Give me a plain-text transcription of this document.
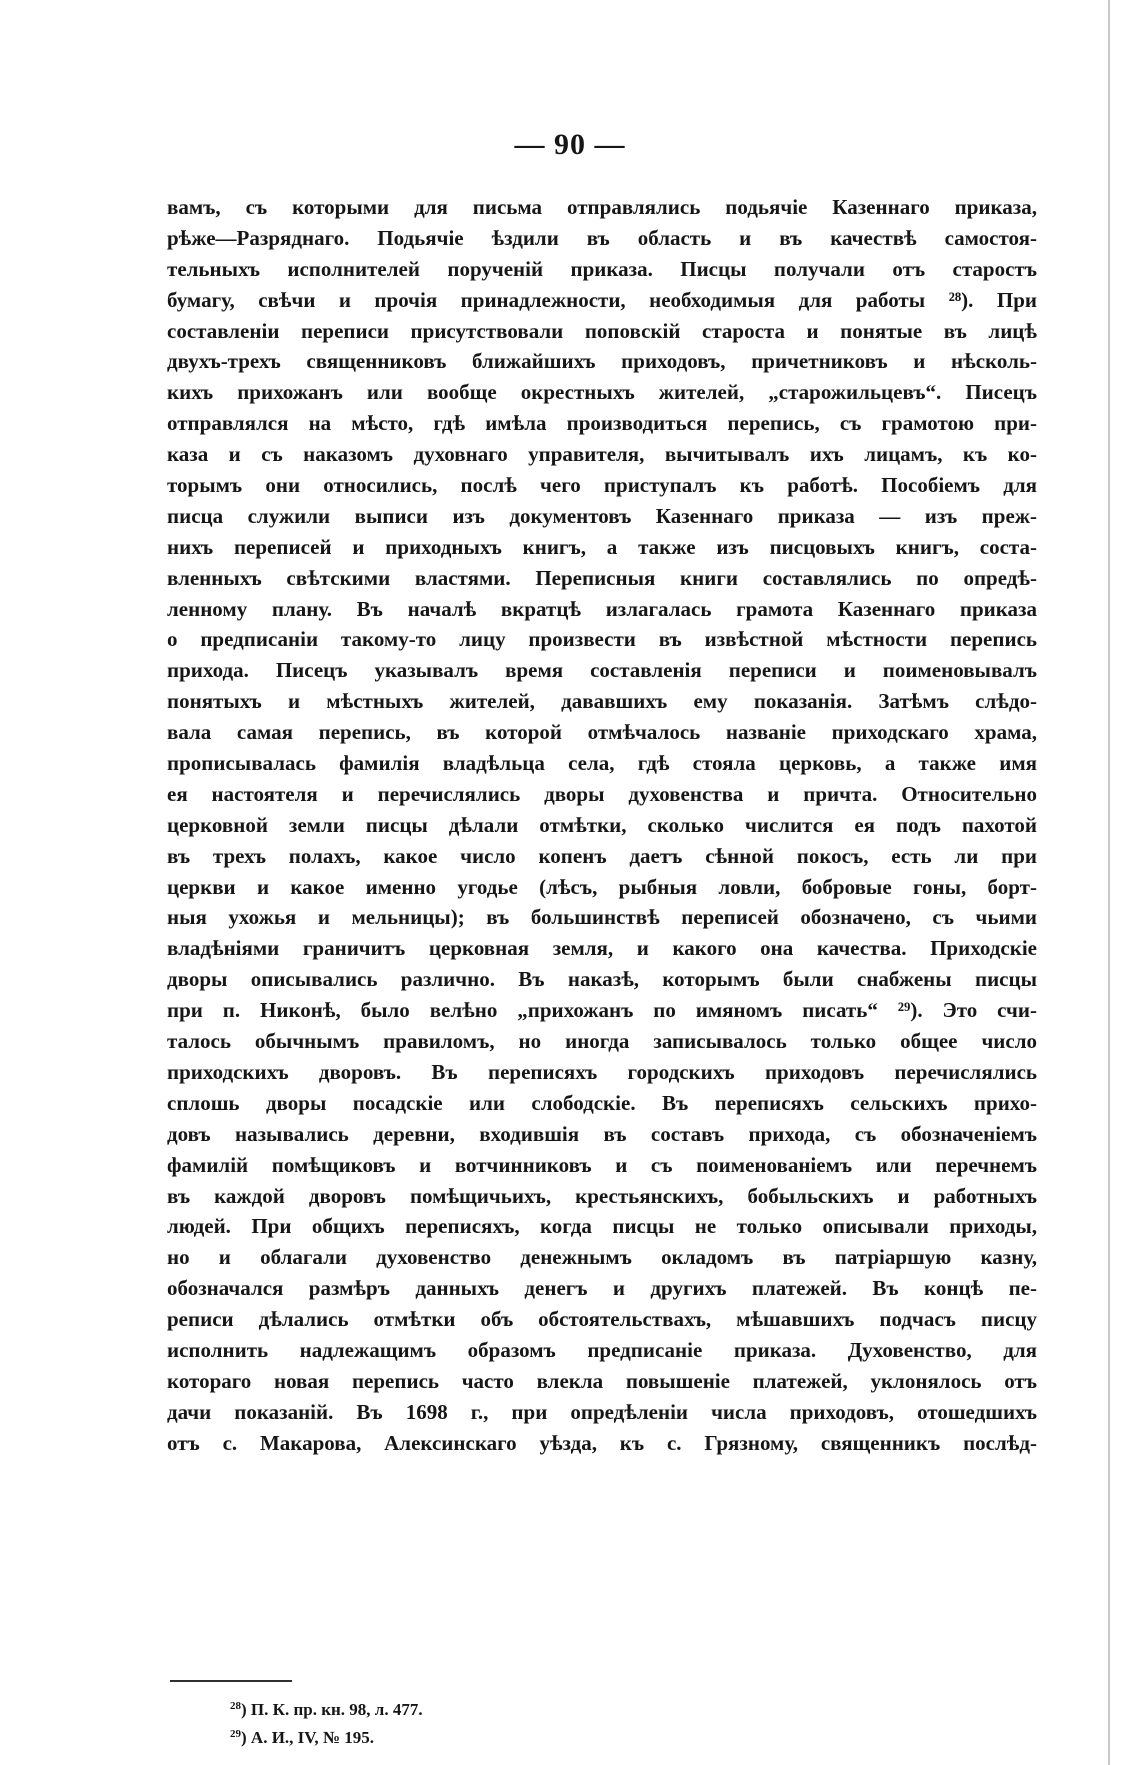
— 90 —
вамъ, съ которыми для письма отправлялись подьячіе Казеннаго приказа,
рѣже—Разряднаго. Подьячіе ѣздили въ область и въ качествѣ самостоя-
тельныхъ исполнителей порученій приказа. Писцы получали отъ старостъ
бумагу, свѣчи и прочія принадлежности, необходимыя для работы ²⁸). При
составленіи переписи присутствовали поповскій староста и понятые въ лицѣ
двухъ-трехъ священниковъ ближайшихъ приходовъ, причетниковъ и нѣсколь-
кихъ прихожанъ или вообще окрестныхъ жителей, „старожильцевъ“. Писецъ
отправлялся на мѣсто, гдѣ имѣла производиться перепись, съ грамотою при-
каза и съ наказомъ духовнаго управителя, вычитывалъ ихъ лицамъ, къ ко-
торымъ они относились, послѣ чего приступалъ къ работѣ. Пособіемъ для
писца служили выписи изъ документовъ Казеннаго приказа — изъ преж-
нихъ переписей и приходныхъ книгъ, а также изъ писцовыхъ книгъ, соста-
вленныхъ свѣтскими властями. Переписныя книги составлялись по опредѣ-
ленному плану. Въ началѣ вкратцѣ излагалась грамота Казеннаго приказа
о предписаніи такому-то лицу произвести въ извѣстной мѣстности перепись
прихода. Писецъ указывалъ время составленія переписи и поименовывалъ
понятыхъ и мѣстныхъ жителей, дававшихъ ему показанія. Затѣмъ слѣдо-
вала самая перепись, въ которой отмѣчалось названіе приходскаго храма,
прописывалась фамилія владѣльца села, гдѣ стояла церковь, а также имя
ея настоятеля и перечислялись дворы духовенства и причта. Относительно
церковной земли писцы дѣлали отмѣтки, сколько числится ея подъ пахотой
въ трехъ полахъ, какое число копенъ даетъ сѣнной покосъ, есть ли при
церкви и какое именно угодье (лѣсъ, рыбныя ловли, бобровые гоны, борт-
ныя ухожья и мельницы); въ большинствѣ переписей обозначено, съ чьими
владѣніями граничитъ церковная земля, и какого она качества. Приходскіе
дворы описывались различно. Въ наказѣ, которымъ были снабжены писцы
при п. Никонѣ, было велѣно „прихожанъ по имяномъ писать“ ²⁹). Это счи-
талось обычнымъ правиломъ, но иногда записывалось только общее число
приходскихъ дворовъ. Въ переписяхъ городскихъ приходовъ перечислялись
сплошь дворы посадскіе или слободскіе. Въ переписяхъ сельскихъ прихо-
довъ назывались деревни, входившія въ составъ прихода, съ обозначеніемъ
фамилій помѣщиковъ и вотчинниковъ и съ поименованіемъ или перечнемъ
въ каждой дворовъ помѣщичьихъ, крестьянскихъ, бобыльскихъ и работныхъ
людей. При общихъ переписяхъ, когда писцы не только описывали приходы,
но и облагали духовенство денежнымъ окладомъ въ патріаршую казну,
обозначался размѣръ данныхъ денегъ и другихъ платежей. Въ концѣ пе-
реписи дѣлались отмѣтки объ обстоятельствахъ, мѣшавшихъ подчасъ писцу
исполнить надлежащимъ образомъ предписаніе приказа. Духовенство, для
котораго новая перепись часто влекла повышеніе платежей, уклонялось отъ
дачи показаній. Въ 1698 г., при опредѣленіи числа приходовъ, отошедшихъ
отъ с. Макарова, Алексинскаго уѣзда, къ с. Грязному, священникъ послѣд-
$^{28}$) П. К. пр. кн. 98, л. 477.
$^{29}$) А. И., IV, № 195.
